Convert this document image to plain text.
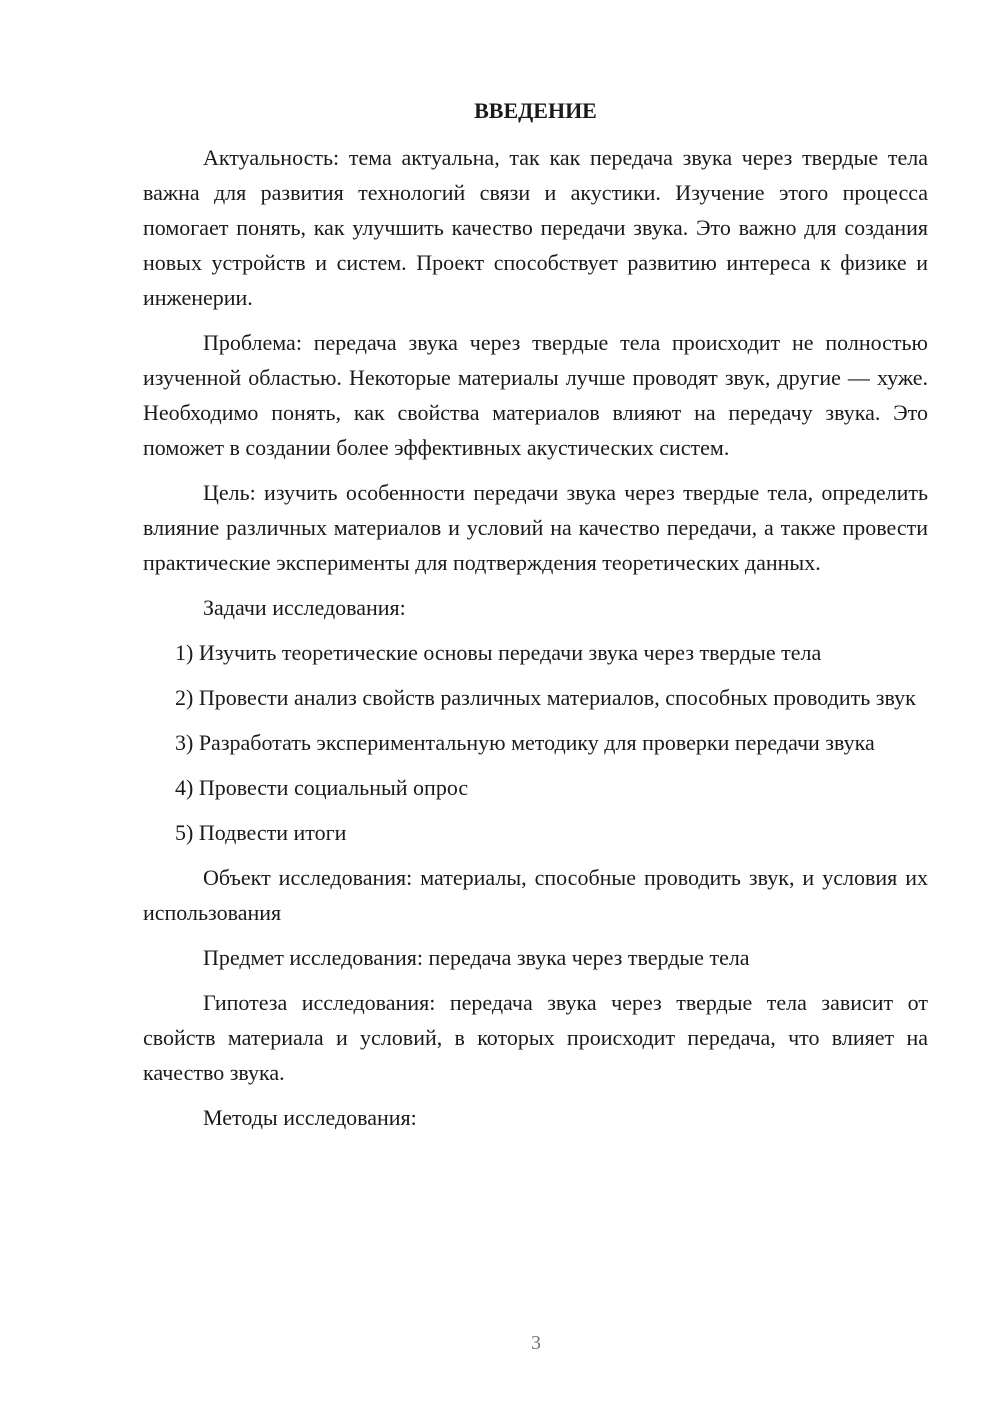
ВВЕДЕНИЕ

Актуальность: тема актуальна, так как передача звука через твердые тела важна для развития технологий связи и акустики. Изучение этого процесса помогает понять, как улучшить качество передачи звука. Это важно для создания новых устройств и систем. Проект способствует развитию интереса к физике и инженерии.

Проблема: передача звука через твердые тела происходит не полностью изученной областью. Некоторые материалы лучше проводят звук, другие — хуже. Необходимо понять, как свойства материалов влияют на передачу звука. Это поможет в создании более эффективных акустических систем.

Цель: изучить особенности передачи звука через твердые тела, определить влияние различных материалов и условий на качество передачи, а также провести практические эксперименты для подтверждения теоретических данных.

Задачи исследования:

1) Изучить теоретические основы передачи звука через твердые тела

2) Провести анализ свойств различных материалов, способных проводить звук

3) Разработать экспериментальную методику для проверки передачи звука

4) Провести социальный опрос

5) Подвести итоги

Объект исследования: материалы, способные проводить звук, и условия их использования

Предмет исследования: передача звука через твердые тела

Гипотеза исследования: передача звука через твердые тела зависит от свойств материала и условий, в которых происходит передача, что влияет на качество звука.

Методы исследования:

3
